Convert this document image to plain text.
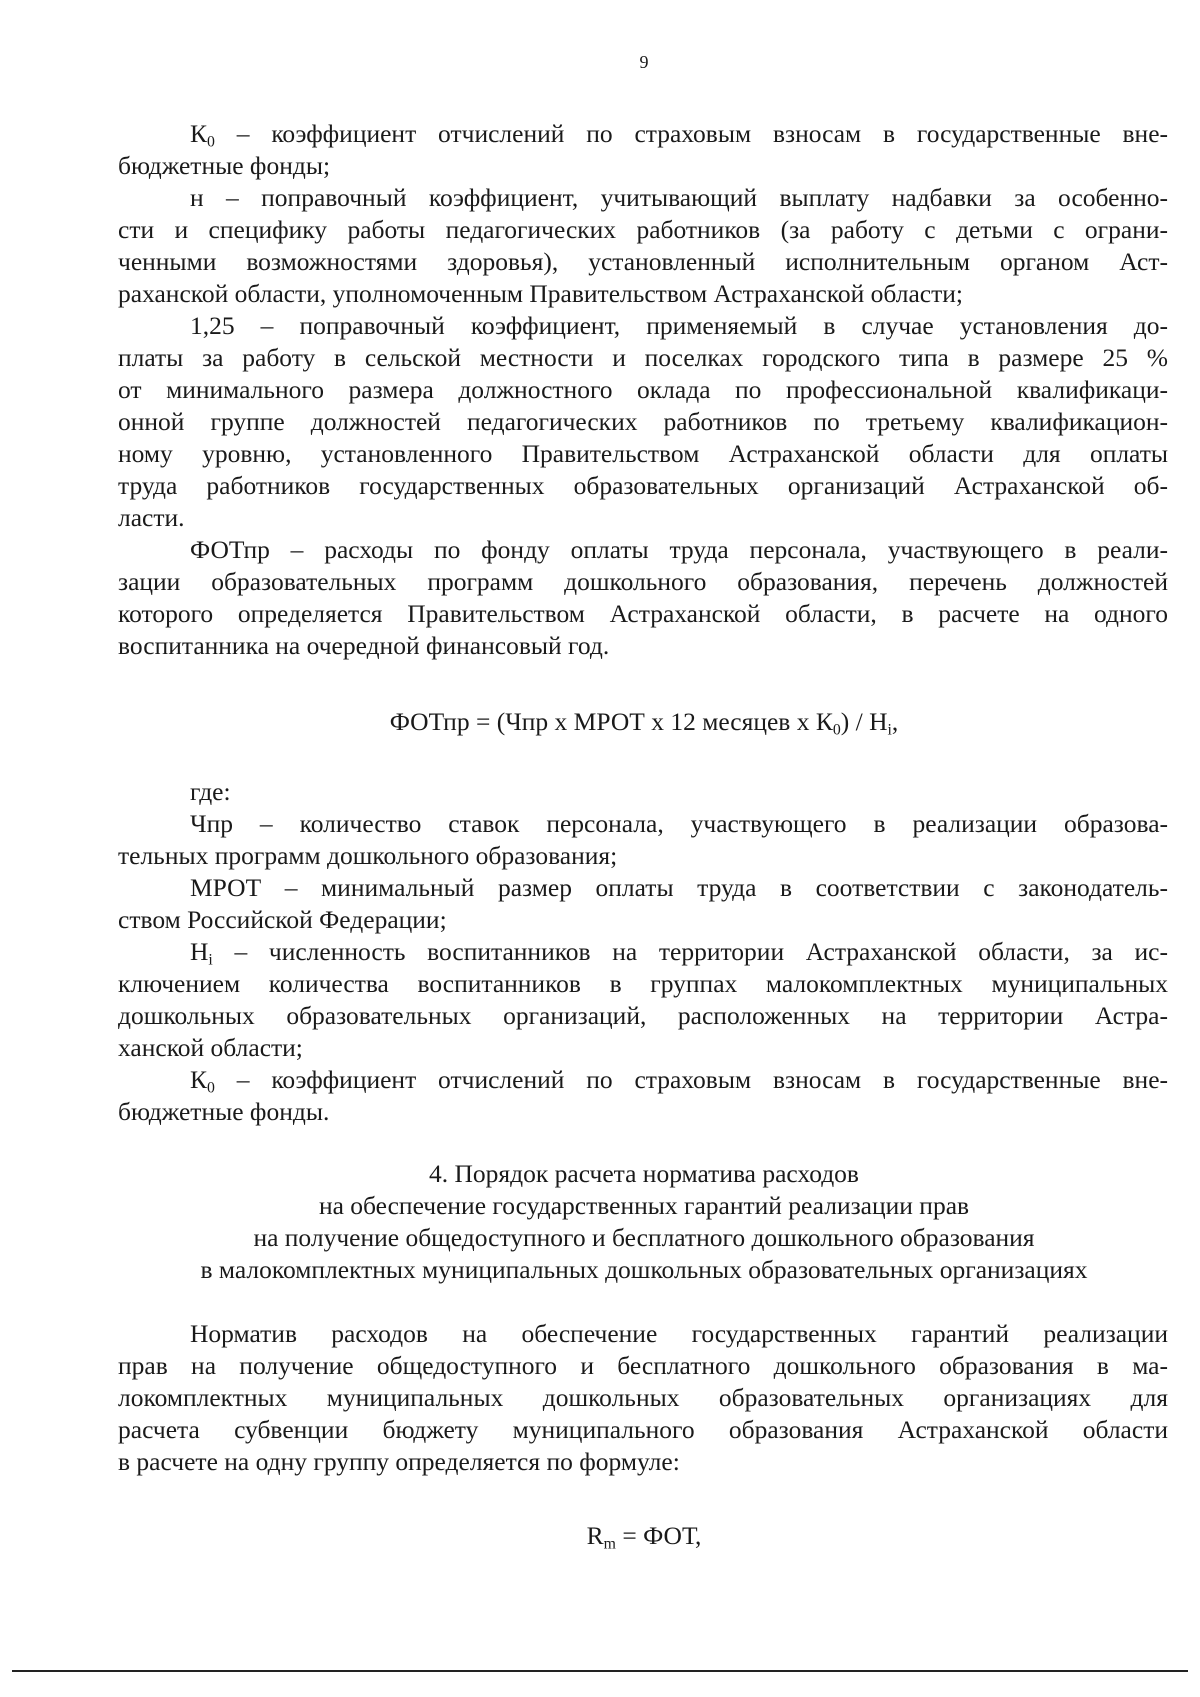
9
$К_0$ – коэффициент отчислений по страховым взносам в государственные вне-
бюджетные фонды;
н – поправочный коэффициент, учитывающий выплату надбавки за особенно-
сти и специфику работы педагогических работников (за работу с детьми с ограни-
ченными возможностями здоровья), установленный исполнительным органом Аст-
раханской области, уполномоченным Правительством Астраханской области;
1,25 – поправочный коэффициент, применяемый в случае установления до-
платы за работу в сельской местности и поселках городского типа в размере 25 %
от минимального размера должностного оклада по профессиональной квалификаци-
онной группе должностей педагогических работников по третьему квалификацион-
ному уровню, установленного Правительством Астраханской области для оплаты
труда работников государственных образовательных организаций Астраханской об-
ласти.
ФОТпр – расходы по фонду оплаты труда персонала, участвующего в реали-
зации образовательных программ дошкольного образования, перечень должностей
которого определяется Правительством Астраханской области, в расчете на одного
воспитанника на очередной финансовый год.
ФОТпр = (Чпр х МРОТ х 12 месяцев х $К_0) / Н_i$,
где:
Чпр – количество ставок персонала, участвующего в реализации образова-
тельных программ дошкольного образования;
МРОТ – минимальный размер оплаты труда в соответствии с законодатель-
ством Российской Федерации;
$Н_i$ – численность воспитанников на территории Астраханской области, за ис-
ключением количества воспитанников в группах малокомплектных муниципальных
дошкольных образовательных организаций, расположенных на территории Астра-
ханской области;
$К_0$ – коэффициент отчислений по страховым взносам в государственные вне-
бюджетные фонды.
4. Порядок расчета норматива расходов
на обеспечение государственных гарантий реализации прав
на получение общедоступного и бесплатного дошкольного образования
в малокомплектных муниципальных дошкольных образовательных организациях
Норматив расходов на обеспечение государственных гарантий реализации
прав на получение общедоступного и бесплатного дошкольного образования в ма-
локомплектных муниципальных дошкольных образовательных организациях для
расчета субвенции бюджету муниципального образования Астраханской области
в расчете на одну группу определяется по формуле:
$R_m$ = ФОТ,
